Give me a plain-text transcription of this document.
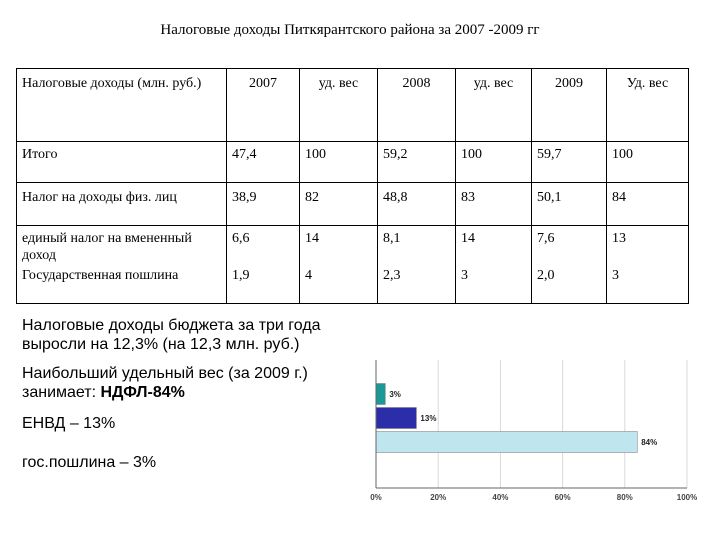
Налоговые доходы Питкярантского района за 2007 -2009 гг
Налоговые доходы (млн. руб.)	2007	уд. вес	2008	уд. вес	2009	Уд. вес
Итого	47,4	100	59,2	100	59,7	100
Налог на доходы физ. лиц	38,9	82	48,8	83	50,1	84
единый налог на вмененный доход	6,6	14	8,1	14	7,6	13
Государственная пошлина	1,9	4	2,3	3	2,0	3

Налоговые доходы бюджета за три года выросли на 12,3% (на 12,3 млн. руб.)

Наибольший удельный вес (за 2009 г.) занимает: НДФЛ-84%

ЕНВД – 13%

гос.пошлина – 3%

0%	20%	40%	60%	80%	100%
3%
13%
84%
